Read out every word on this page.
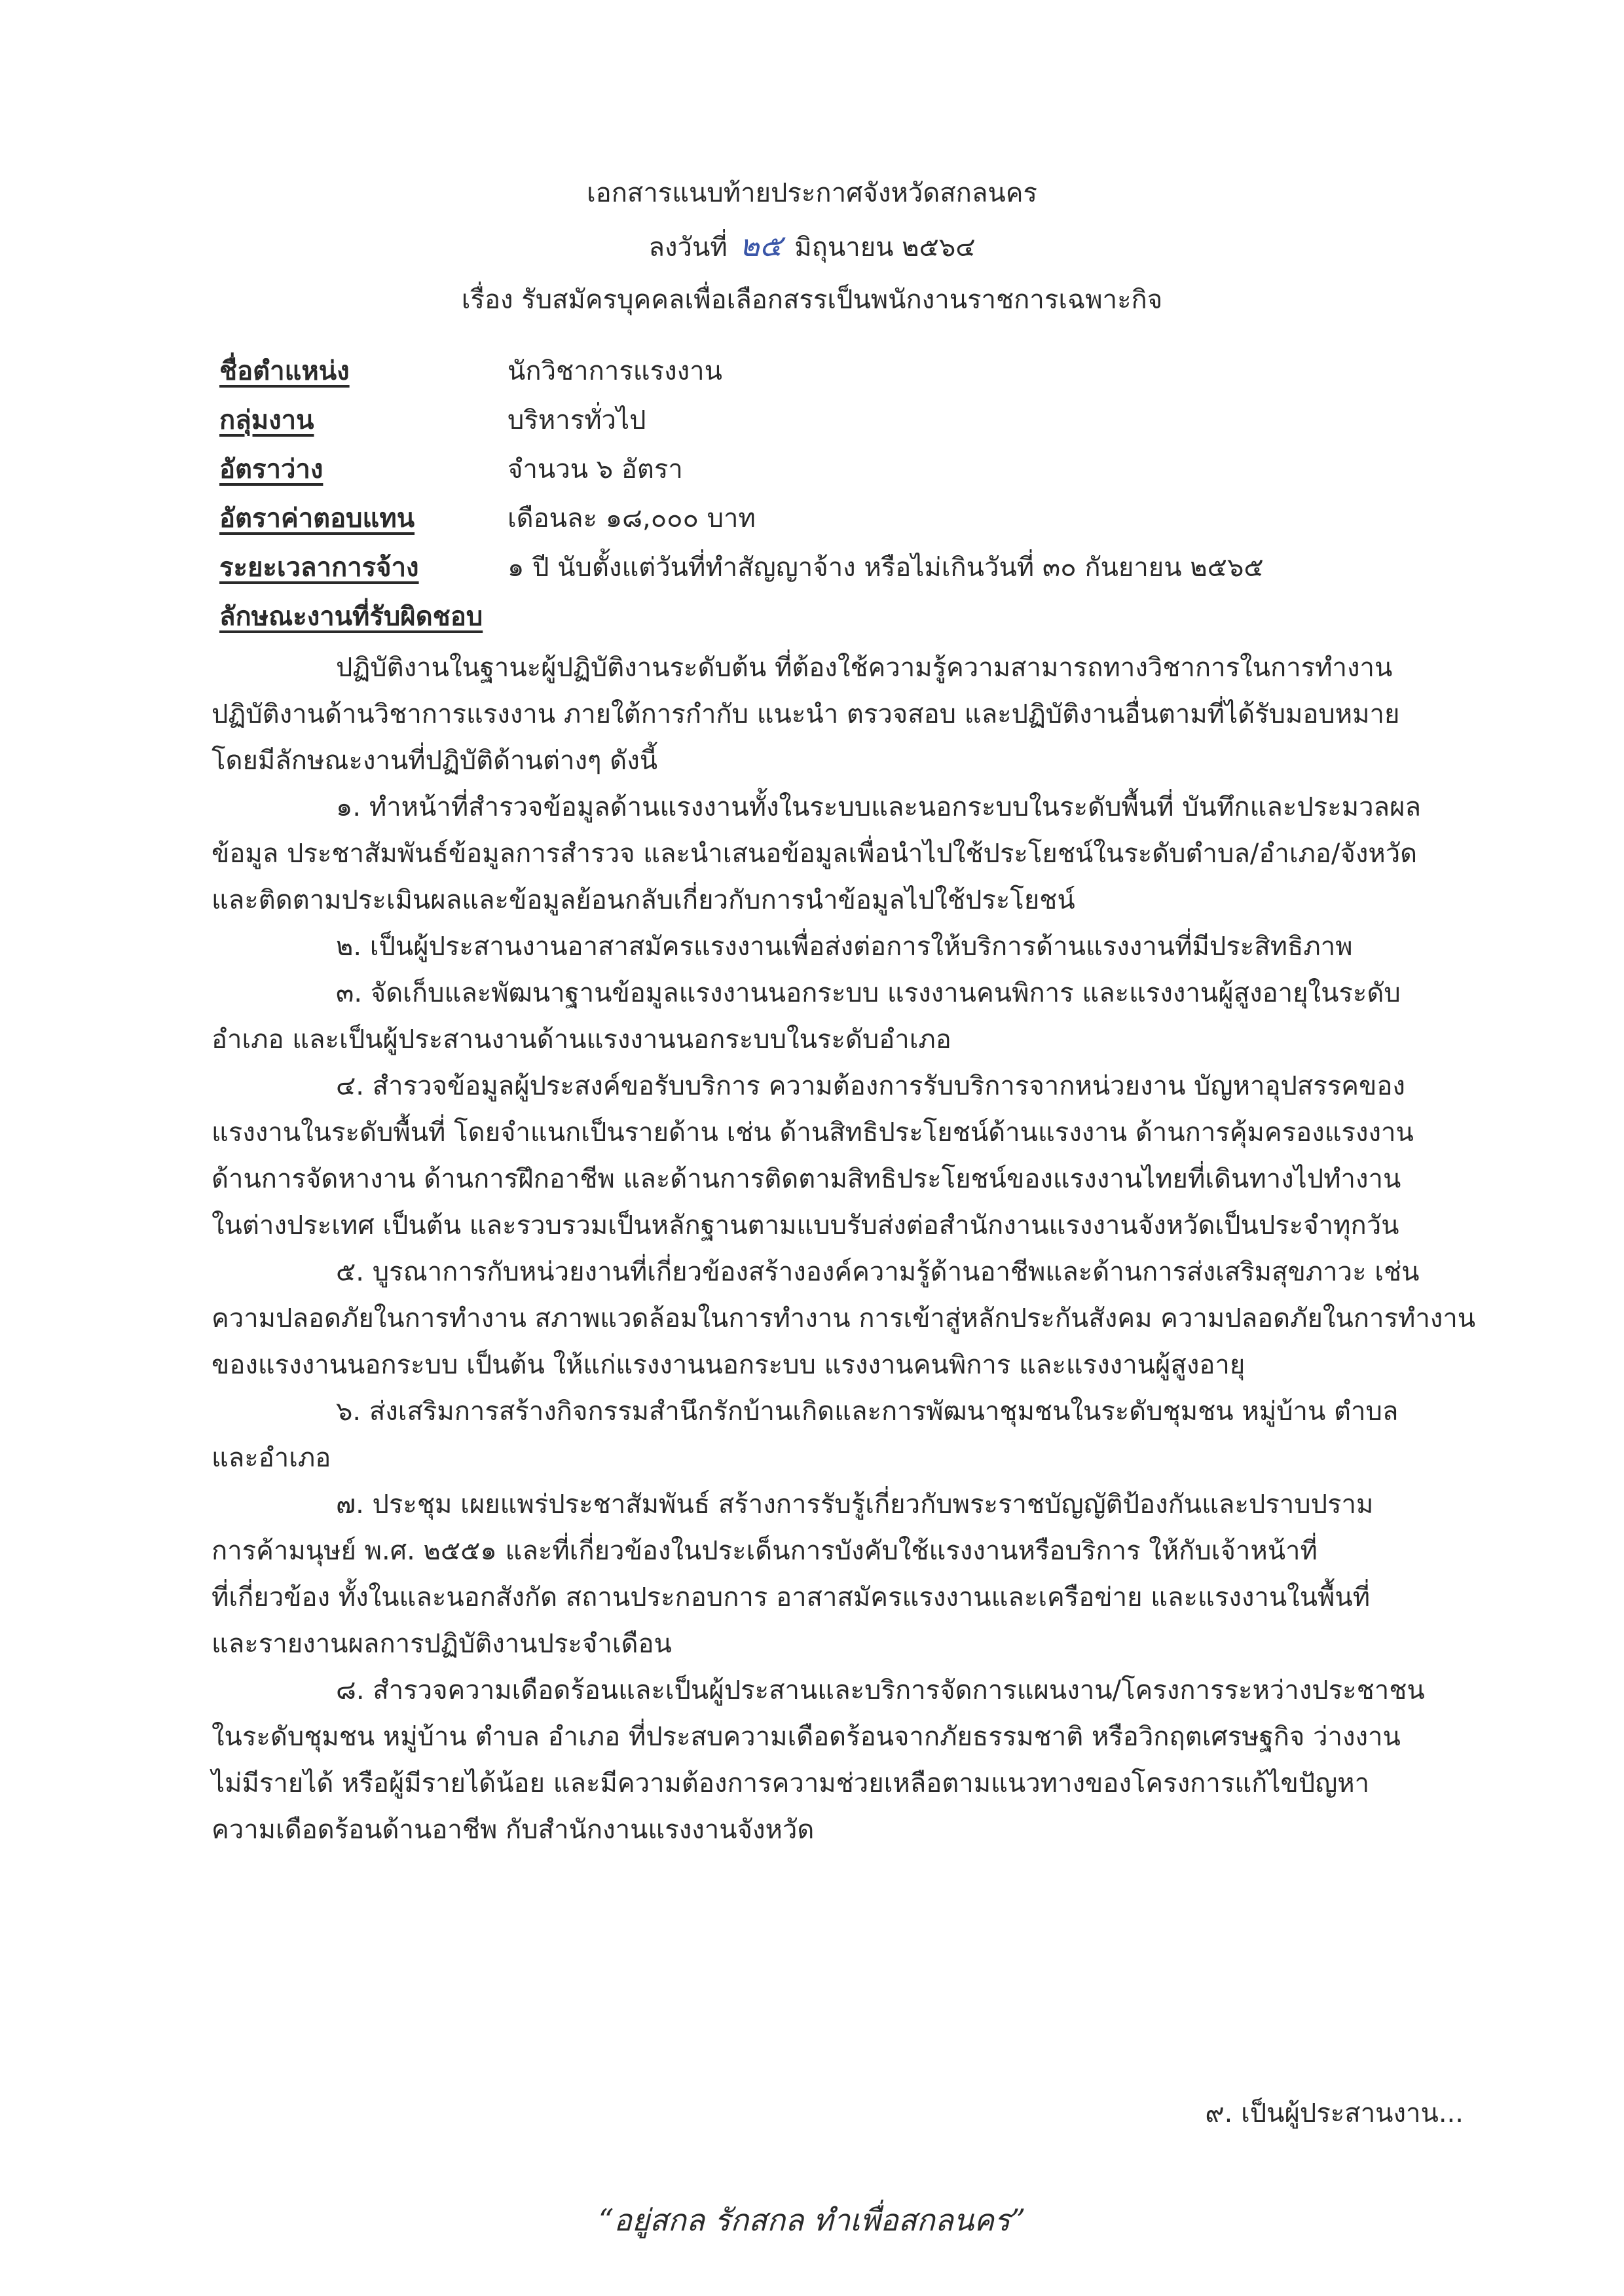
เอกสารแนบท้ายประกาศจังหวัดสกลนคร
ลงวันที่ ๒๕ มิถุนายน ๒๕๖๔
เรื่อง รับสมัครบุคคลเพื่อเลือกสรรเป็นพนักงานราชการเฉพาะกิจ
ชื่อตำแหน่ง	นักวิชาการแรงงาน
กลุ่มงาน	บริหารทั่วไป
อัตราว่าง	จำนวน ๖ อัตรา
อัตราค่าตอบแทน	เดือนละ ๑๘,๐๐๐ บาท
ระยะเวลาการจ้าง	๑ ปี นับตั้งแต่วันที่ทำสัญญาจ้าง หรือไม่เกินวันที่ ๓๐ กันยายน ๒๕๖๕
ลักษณะงานที่รับผิดชอบ

ปฏิบัติงานในฐานะผู้ปฏิบัติงานระดับต้น ที่ต้องใช้ความรู้ความสามารถทางวิชาการในการทำงาน
ปฏิบัติงานด้านวิชาการแรงงาน ภายใต้การกำกับ แนะนำ ตรวจสอบ และปฏิบัติงานอื่นตามที่ได้รับมอบหมาย
โดยมีลักษณะงานที่ปฏิบัติด้านต่างๆ ดังนี้

๑. ทำหน้าที่สำรวจข้อมูลด้านแรงงานทั้งในระบบและนอกระบบในระดับพื้นที่ บันทึกและประมวลผล
ข้อมูล ประชาสัมพันธ์ข้อมูลการสำรวจ และนำเสนอข้อมูลเพื่อนำไปใช้ประโยชน์ในระดับตำบล/อำเภอ/จังหวัด
และติดตามประเมินผลและข้อมูลย้อนกลับเกี่ยวกับการนำข้อมูลไปใช้ประโยชน์

๒. เป็นผู้ประสานงานอาสาสมัครแรงงานเพื่อส่งต่อการให้บริการด้านแรงงานที่มีประสิทธิภาพ

๓. จัดเก็บและพัฒนาฐานข้อมูลแรงงานนอกระบบ แรงงานคนพิการ และแรงงานผู้สูงอายุในระดับ
อำเภอ และเป็นผู้ประสานงานด้านแรงงานนอกระบบในระดับอำเภอ

๔. สำรวจข้อมูลผู้ประสงค์ขอรับบริการ ความต้องการรับบริการจากหน่วยงาน บัญหาอุปสรรคของ
แรงงานในระดับพื้นที่ โดยจำแนกเป็นรายด้าน เช่น ด้านสิทธิประโยชน์ด้านแรงงาน ด้านการคุ้มครองแรงงาน
ด้านการจัดหางาน ด้านการฝึกอาชีพ และด้านการติดตามสิทธิประโยชน์ของแรงงานไทยที่เดินทางไปทำงาน
ในต่างประเทศ เป็นต้น และรวบรวมเป็นหลักฐานตามแบบรับส่งต่อสำนักงานแรงงานจังหวัดเป็นประจำทุกวัน

๕. บูรณาการกับหน่วยงานที่เกี่ยวข้องสร้างองค์ความรู้ด้านอาชีพและด้านการส่งเสริมสุขภาวะ เช่น
ความปลอดภัยในการทำงาน สภาพแวดล้อมในการทำงาน การเข้าสู่หลักประกันสังคม ความปลอดภัยในการทำงาน
ของแรงงานนอกระบบ เป็นต้น ให้แก่แรงงานนอกระบบ แรงงานคนพิการ และแรงงานผู้สูงอายุ

๖. ส่งเสริมการสร้างกิจกรรมสำนึกรักบ้านเกิดและการพัฒนาชุมชนในระดับชุมชน หมู่บ้าน ตำบล
และอำเภอ

๗. ประชุม เผยแพร่ประชาสัมพันธ์ สร้างการรับรู้เกี่ยวกับพระราชบัญญัติป้องกันและปราบปราม
การค้ามนุษย์ พ.ศ. ๒๕๕๑ และที่เกี่ยวข้องในประเด็นการบังคับใช้แรงงานหรือบริการ ให้กับเจ้าหน้าที่
ที่เกี่ยวข้อง ทั้งในและนอกสังกัด สถานประกอบการ อาสาสมัครแรงงานและเครือข่าย และแรงงานในพื้นที่
และรายงานผลการปฏิบัติงานประจำเดือน

๘. สำรวจความเดือดร้อนและเป็นผู้ประสานและบริการจัดการแผนงาน/โครงการระหว่างประชาชน
ในระดับชุมชน หมู่บ้าน ตำบล อำเภอ ที่ประสบความเดือดร้อนจากภัยธรรมชาติ หรือวิกฤตเศรษฐกิจ ว่างงาน
ไม่มีรายได้ หรือผู้มีรายได้น้อย และมีความต้องการความช่วยเหลือตามแนวทางของโครงการแก้ไขปัญหา
ความเดือดร้อนด้านอาชีพ กับสำนักงานแรงงานจังหวัด

๙. เป็นผู้ประสานงาน...
“อยู่สกล รักสกล ทำเพื่อสกลนคร”
